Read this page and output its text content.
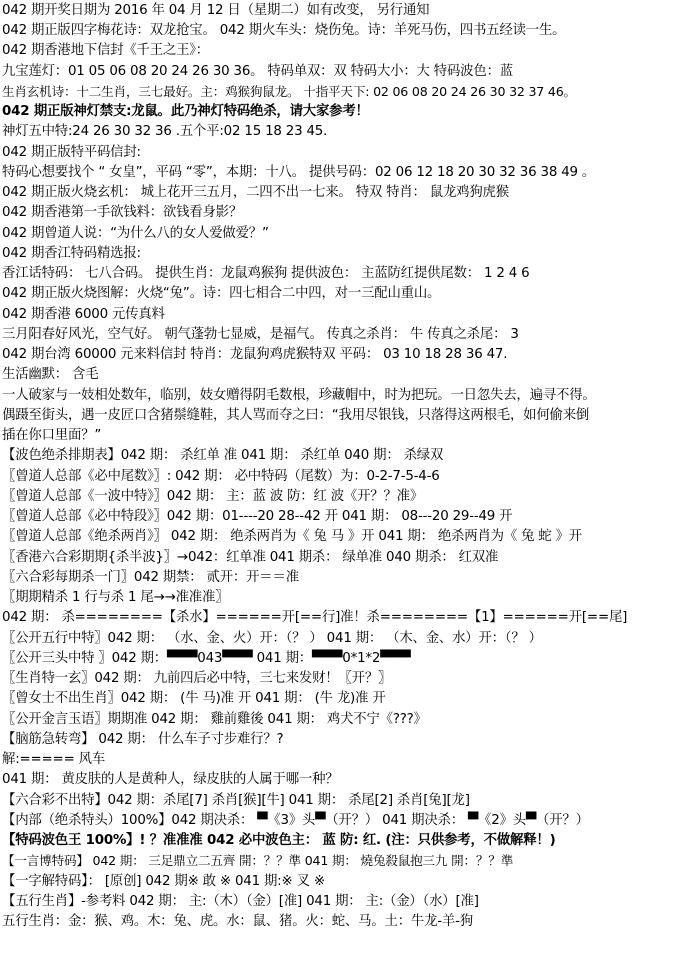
042 期开奖日期为 2016 年 04 月 12 日（星期二）如有改变， 另行通知
042 期正版四字梅花诗：双龙抢宝。 042 期火车头：烧伤兔。诗：羊死马伤，四书五经读一生。
042 期香港地下信封《千王之王》：
九宝莲灯：01 05 06 08 20 24 26 30 36。 特码单双：双 特码大小：大 特码波色：蓝
生肖玄机诗：十二生肖，三七最好。主：鸡猴狗鼠龙。 十指平天下: 02 06 08 20 24 26 30 32 37 46。
042 期正版神灯禁支:龙鼠。此乃神灯特码绝杀，请大家参考！
神灯五中特:24 26 30 32 36 .五个平:02 15 18 23 45.
042 期正版特平码信封:
特码心想要找个 “ 女皇”，平码 “零”，本期：十八。 提供号码：02 06 12 18 20 30 32 36 38 49 。
042 期正版火烧玄机： 城上花开三五月，二四不出一七来。 特双 特肖： 鼠龙鸡狗虎猴
042 期香港第一手欲钱料：欲钱看身影？
042 期曾道人说：“为什么八的女人爱做爱？”
042 期香江特码精选报:
香江话特码： 七八合码。 提供生肖：龙鼠鸡猴狗 提供波色： 主蓝防红提供尾数： 1 2 4 6
042 期正版火烧图解：火烧“兔”。诗：四七相合二中四，对一三配山重山。
042 期香港 6000 元传真料
三月阳春好风光，空气好。 朝气蓬勃七显威，是福气。 传真之杀肖： 牛 传真之杀尾： 3
042 期台湾 60000 元来料信封 特肖：龙鼠狗鸡虎猴特双 平码： 03 10 18 28 36 47.
生活幽默： 含毛
一人破家与一妓相处数年，临别，妓女赠得阴毛数根，珍藏帽中，时为把玩。一日忽失去，遍寻不得。
偶蹑至街头，遇一皮匠口含猪鬃缝鞋，其人骂而夺之曰：“我用尽银钱，只落得这两根毛，如何偷来倒
插在你口里面？”
【波色绝杀排期表】042 期： 杀红单 准 041 期： 杀红单 040 期： 杀绿双
〖曾道人总部《必中尾数》〗: 042 期： 必中特码（尾数）为：0-2-7-5-4-6
〖曾道人总部《一波中特》〗042 期： 主：蓝 波 防：红 波《开？？准》
〖曾道人总部《必中特段》〗042 期：01----20 28--42 开 041 期： 08---20 29--49 开
〖曾道人总部《绝杀两肖》〗 042 期： 绝杀两肖为《 兔 马 》开 041 期： 绝杀两肖为《 兔 蛇 》开
〖香港六合彩期期{杀半波}〗→042：红单准 041 期杀： 绿单准 040 期杀： 红双准
〖六合彩每期杀一门〗042 期禁： 贰开：开＝＝准
〖期期精杀 1 行与杀 1 尾→→准准准〗
042 期： 杀========【杀水】======开[==行]准！杀========【1】======开[==尾]
〖公开五行中特〗042 期： （水、金、火）开：（？ ） 041 期： （木、金、水）开：（？ ）
〖公开三头中特 〗042 期：▀▀▀043▀▀▀ 041 期：▀▀▀0*1*2▀▀▀
〖生肖特一玄〗042 期： 九前四后必中特，三七来发财！〖开？〗
〖曾女士不出生肖〗042 期： (牛 马)准 开 041 期： (牛 龙)准 开
〖公开金言玉语〗期期准 042 期： 雞前雞後 041 期： 鸡犬不宁《???》
【脑筋急转弯】 042 期： 什么车子寸步难行？?
解:===== 风车
041 期： 黄皮肤的人是黄种人，绿皮肤的人属于哪一种？
【六合彩不出特】042 期：杀尾[7] 杀肖[猴][牛] 041 期： 杀尾[2] 杀肖[兔][龙]
【内部（绝杀特头）100%】042 期决杀： ▀《3》头▀（开？） 041 期决杀： ▀《2》头▀（开？）
【特码波色王 100%】! ？准准准 042 必中波色主： 蓝 防: 红. (注：只供参考，不做解释！)
【一言博特码】 042 期： 三足鼎立二五齊 開：？？準 041 期： 燒兔殺鼠抱三九 開：？？準
【一字解特码】： [原创] 042 期※ 敢 ※ 041 期:※ 叉 ※
【五行生肖】-参考料 042 期： 主:（木）（金）[准] 041 期： 主:（金）（水）[准]
五行生肖：金：猴、鸡。木：兔、虎。水：鼠、猪。火：蛇、马。土：牛龙-羊-狗
